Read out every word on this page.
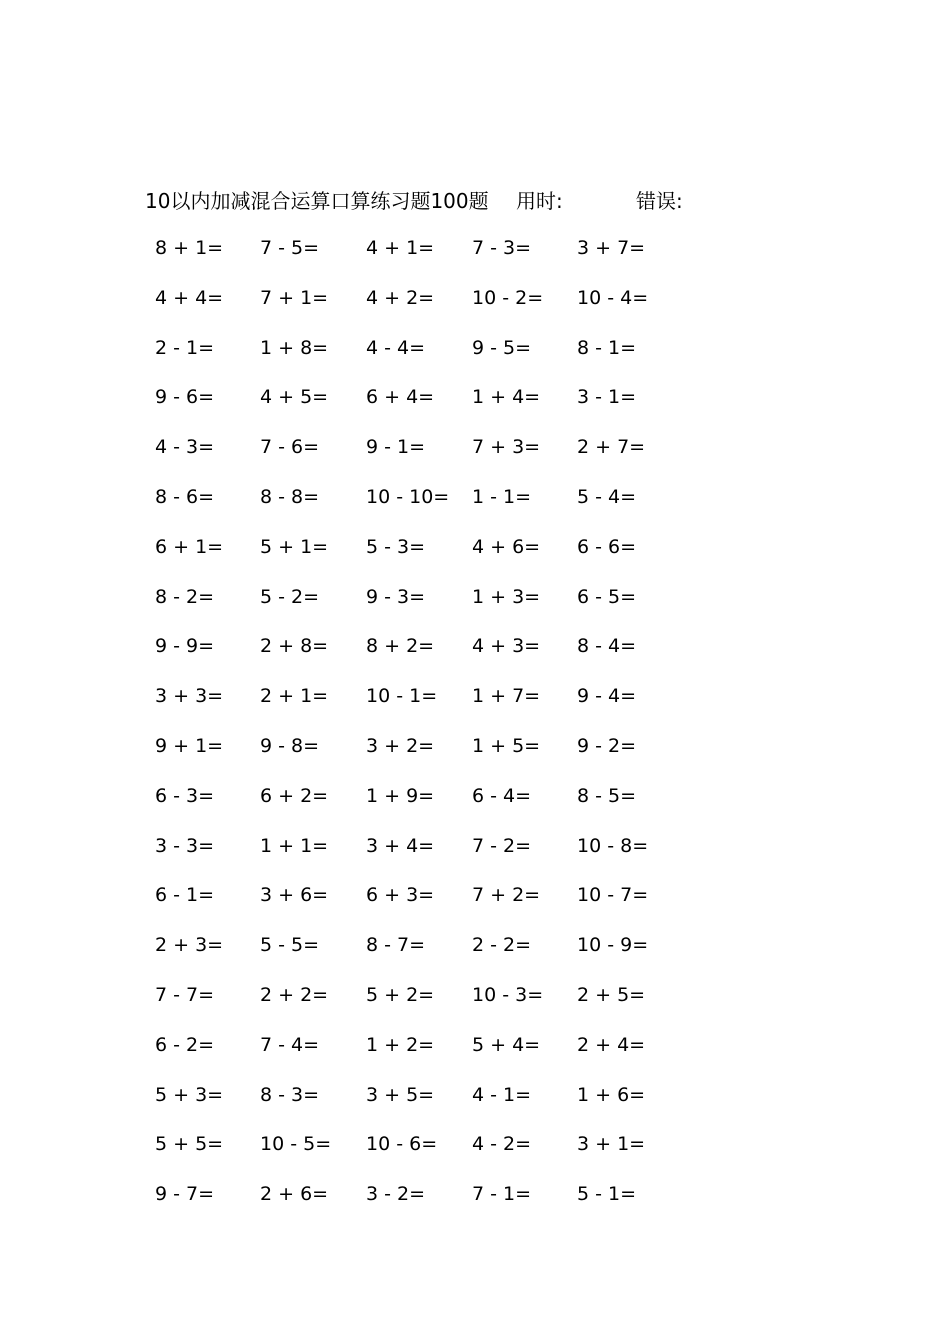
10以内加减混合运算口算练习题100题 用时:	错误:
8 + 1= 7 - 5= 4 + 1= 7 - 3= 3 + 7=
4 + 4= 7 + 1= 4 + 2= 10 - 2= 10 - 4=
2 - 1= 1 + 8= 4 - 4= 9 - 5= 8 - 1=
9 - 6= 4 + 5= 6 + 4= 1 + 4= 3 - 1=
4 - 3= 7 - 6= 9 - 1= 7 + 3= 2 + 7=
8 - 6= 8 - 8= 10 - 10= 1 - 1= 5 - 4=
6 + 1= 5 + 1= 5 - 3= 4 + 6= 6 - 6=
8 - 2= 5 - 2= 9 - 3= 1 + 3= 6 - 5=
9 - 9= 2 + 8= 8 + 2= 4 + 3= 8 - 4=
3 + 3= 2 + 1= 10 - 1= 1 + 7= 9 - 4=
9 + 1= 9 - 8= 3 + 2= 1 + 5= 9 - 2=
6 - 3= 6 + 2= 1 + 9= 6 - 4= 8 - 5=
3 - 3= 1 + 1= 3 + 4= 7 - 2= 10 - 8=
6 - 1= 3 + 6= 6 + 3= 7 + 2= 10 - 7=
2 + 3= 5 - 5= 8 - 7= 2 - 2= 10 - 9=
7 - 7= 2 + 2= 5 + 2= 10 - 3= 2 + 5=
6 - 2= 7 - 4= 1 + 2= 5 + 4= 2 + 4=
5 + 3= 8 - 3= 3 + 5= 4 - 1= 1 + 6=
5 + 5= 10 - 5= 10 - 6= 4 - 2= 3 + 1=
9 - 7= 2 + 6= 3 - 2= 7 - 1= 5 - 1=
